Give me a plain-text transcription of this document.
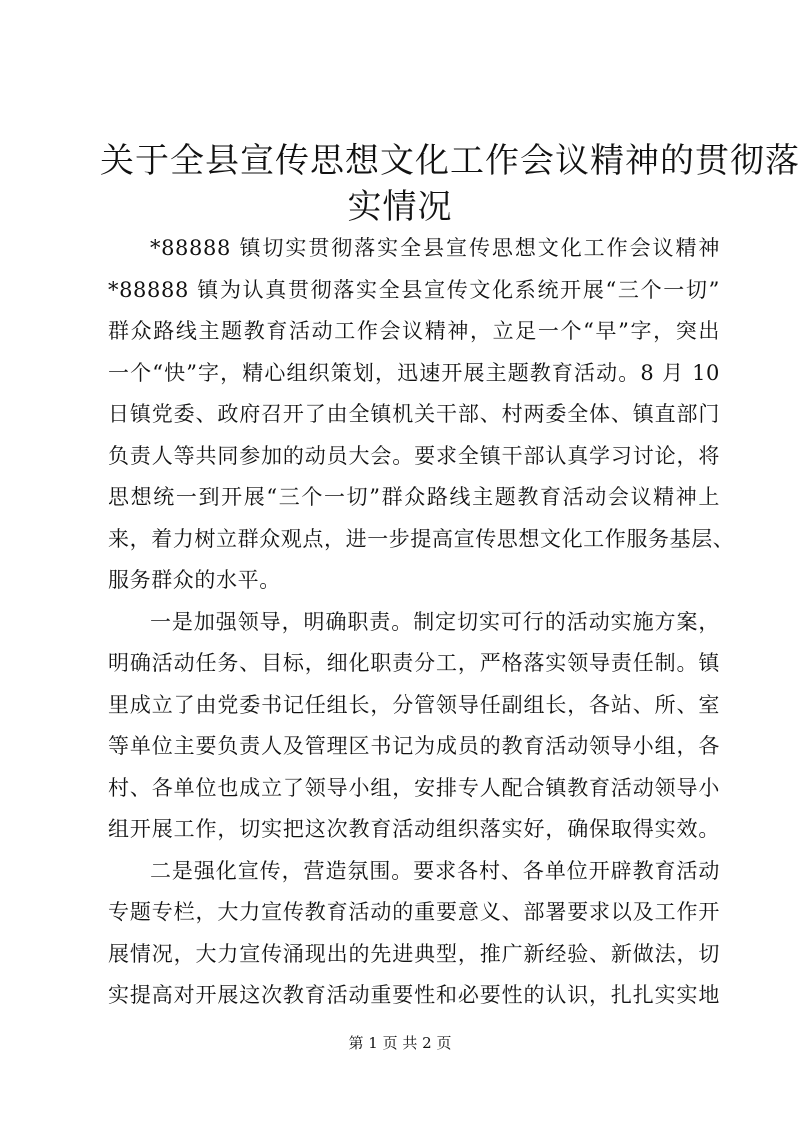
关于全县宣传思想文化工作会议精神的贯彻落
实情况
*88888 镇切实贯彻落实全县宣传思想文化工作会议精神
*88888 镇为认真贯彻落实全县宣传文化系统开展“三个一切”
群众路线主题教育活动工作会议精神，立足一个“早”字，突出
一个“快”字，精心组织策划，迅速开展主题教育活动。8 月 10
日镇党委、政府召开了由全镇机关干部、村两委全体、镇直部门
负责人等共同参加的动员大会。要求全镇干部认真学习讨论，将
思想统一到开展“三个一切”群众路线主题教育活动会议精神上
来，着力树立群众观点，进一步提高宣传思想文化工作服务基层、
服务群众的水平。
一是加强领导，明确职责。制定切实可行的活动实施方案，
明确活动任务、目标，细化职责分工，严格落实领导责任制。镇
里成立了由党委书记任组长，分管领导任副组长，各站、所、室
等单位主要负责人及管理区书记为成员的教育活动领导小组，各
村、各单位也成立了领导小组，安排专人配合镇教育活动领导小
组开展工作，切实把这次教育活动组织落实好，确保取得实效。
二是强化宣传，营造氛围。要求各村、各单位开辟教育活动
专题专栏，大力宣传教育活动的重要意义、部署要求以及工作开
展情况，大力宣传涌现出的先进典型，推广新经验、新做法，切
实提高对开展这次教育活动重要性和必要性的认识，扎扎实实地
第 1 页 共 2 页
